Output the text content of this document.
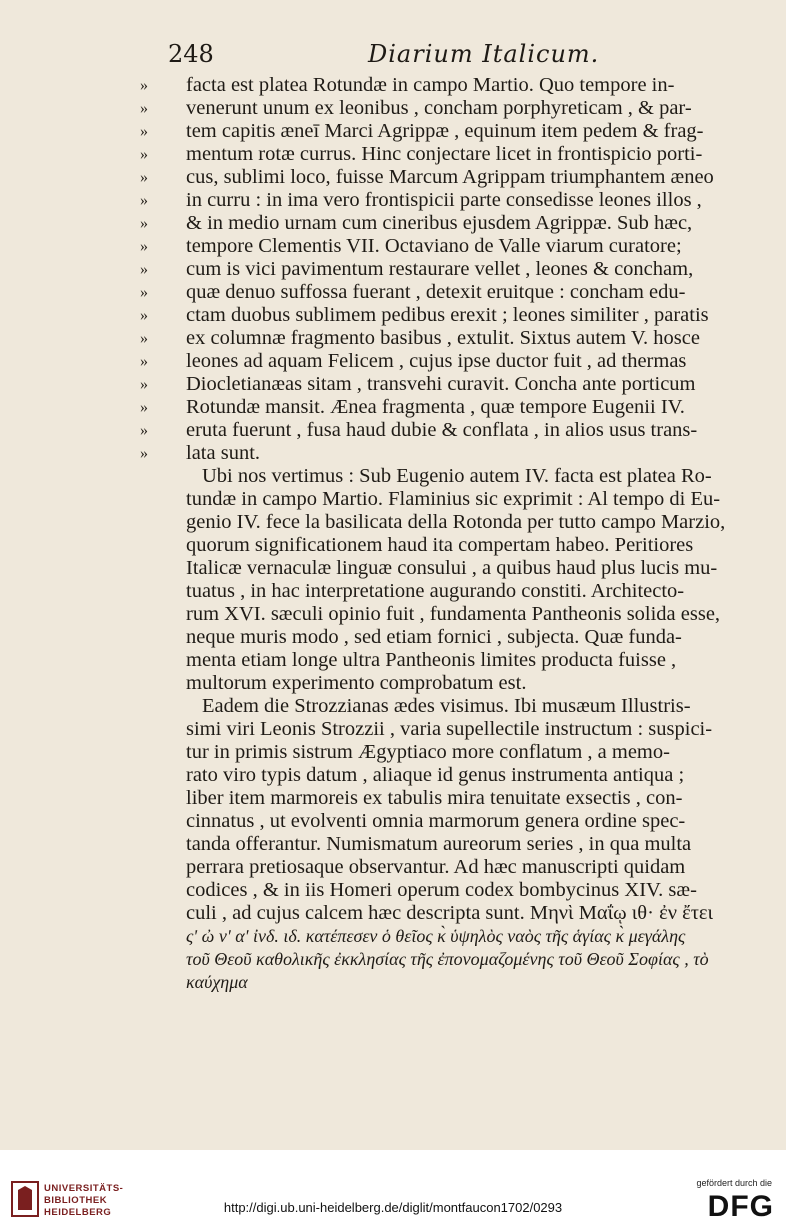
248	Diarium Italicum.
»	facta est platea Rotundæ in campo Martio. Quo tempore in-
»	venerunt unum ex leonibus , concham porphyreticam , & par-
»	tem capitis æneī Marci Agrippæ , equinum item pedem & frag-
»	mentum rotæ currus. Hinc conjectare licet in frontispicio porti-
»	cus, sublimi loco, fuisse Marcum Agrippam triumphantem æneo
»	in curru : in ima vero frontispicii parte consedisse leones illos ,
»	& in medio urnam cum cineribus ejusdem Agrippæ. Sub hæc,
»	tempore Clementis VII. Octaviano de Valle viarum curatore;
»	cum is vici pavimentum restaurare vellet , leones & concham,
»	quæ denuo suffossa fuerant , detexit eruitque : concham edu-
»	ctam duobus sublimem pedibus erexit ; leones similiter , paratis
»	ex columnæ fragmento basibus , extulit. Sixtus autem V. hosce
»	leones ad aquam Felicem , cujus ipse ductor fuit , ad thermas
»	Diocletianæas sitam , transvehi curavit. Concha ante porticum
»	Rotundæ mansit. Ænea fragmenta , quæ tempore Eugenii IV.
»	eruta fuerunt , fusa haud dubie & conflata , in alios usus trans-
»	lata sunt.
Ubi nos vertimus : Sub Eugenio autem IV. facta est platea Ro-
tundæ in campo Martio. Flaminius sic exprimit : Al tempo di Eu-
genio IV. fece la basilicata della Rotonda per tutto campo Marzio,
quorum significationem haud ita compertam habeo. Peritiores
Italicæ vernaculæ linguæ consului , a quibus haud plus lucis mu-
tuatus , in hac interpretatione augurando constiti. Architecto-
rum XVI. sæculi opinio fuit , fundamenta Pantheonis solida esse,
neque muris modo , sed etiam fornici , subjecta. Quæ funda-
menta etiam longe ultra Pantheonis limites producta fuisse ,
multorum experimento comprobatum est.
Eadem die Strozzianas ædes visimus. Ibi musæum Illustris-
simi viri Leonis Strozzii , varia supellectile instructum : suspici-
tur in primis sistrum Ægyptiaco more conflatum , a memo-
rato viro typis datum , aliaque id genus instrumenta antiqua ;
liber item marmoreis ex tabulis mira tenuitate exsectis , con-
cinnatus , ut evolventi omnia marmorum genera ordine spec-
tanda offerantur. Numismatum aureorum series , in qua multa
perrara pretiosaque observantur. Ad hæc manuscripti quidam
codices , & in iis Homeri operum codex bombycinus XIV. sæ-
culi , ad cujus calcem hæc descripta sunt. Μηνὶ Μαΐῳ ιθ· ἐν ἔτει
ςʹ ὠ νʹ αʹ ἰνδ. ιδ. κατέπεσεν ὁ θεῖος κ̀ ὑψηλὸς ναὸς τῆς ἁγίας κ̀ μεγάλης
τοῦ Θεοῦ καθολικῆς ἐκκλησίας τῆς ἐπονομαζομένης τοῦ Θεοῦ Σοφίας , τὸ
καύχημα
UNIVERSITÄTS-
BIBLIOTHEK
HEIDELBERG	http://digi.ub.uni-heidelberg.de/diglit/montfaucon1702/0293
gefördert durch die
DFG
